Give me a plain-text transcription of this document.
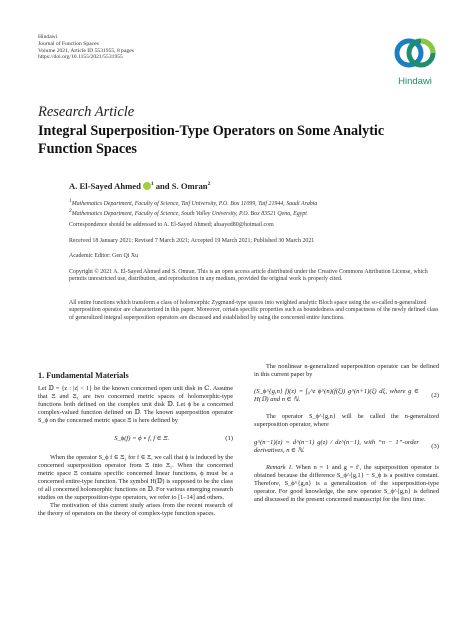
Hindawi
Journal of Function Spaces
Volume 2021, Article ID 5531955, 8 pages
https://doi.org/10.1155/2021/5531955
Hindawi
Research Article
Integral Superposition-Type Operators on Some Analytic Function Spaces
A. El-Sayed Ahmed $^1$ and S. Omran$^2$
1Mathematics Department, Faculty of Science, Taif University, P.O. Box 11099, Taif 21944, Saudi Arabia
2Mathematics Department, Faculty of Science, South Valley University, P.O. Box 83521 Qena, Egypt
Correspondence should be addressed to A. El-Sayed Ahmed; ahsayed80@hotmail.com
Received 18 January 2021; Revised 7 March 2021; Accepted 19 March 2021; Published 30 March 2021
Academic Editor: Gen Qi Xu
Copyright © 2021 A. El-Sayed Ahmed and S. Omran. This is an open access article distributed under the Creative Commons Attribution License, which permits unrestricted use, distribution, and reproduction in any medium, provided the original work is properly cited.
All entire functions which transform a class of holomorphic Zygmund-type spaces into weighted analytic Bloch space using the so-called n-generalized superposition operator are characterized in this paper. Moreover, certain specific properties such as boundedness and compactness of the newly defined class of generalized integral superposition operators are discussed and established by using the concerned entire functions.
1. Fundamental Materials

Let 𝔻 = {z : |z| < 1} be the known concerned open unit disk in ℂ. Assume that Ξ and Ξ₁ are two concerned metric spaces of holomorphic-type functions both defined on the complex unit disk 𝔻. Let ϕ be a concerned complex-valued function defined on 𝔻. The known superposition operator S_ϕ on the concerned metric space Ξ is here defined by

S_ϕ(f) = ϕ ∘ f, f ∈ Ξ.	(1)

When the operator S_ϕ f ∈ Ξ₁ for f ∈ Ξ, we call that ϕ is induced by the concerned superposition operator from Ξ into Ξ₁. When the concerned metric space Ξ contains specific concerned linear functions, ϕ must be a concerned entire-type function. The symbol H(𝔻) is supposed to be the class of all concerned holomorphic functions on 𝔻. For various emerging research studies on the superposition-type operators, we refer to [1–14] and others.

The motivation of this current study arises from the recent research of the theory of operators on the theory of complex-type function spaces.

The nonlinear n-generalized superposition operator can be defined in this current paper by

(S_ϕ^{g,n} f)(z) = ∫₀^z ϕ^(n)(f(ξ)) g^(n+1)(ξ) dξ, where g ∈ H(𝔻) and n ∈ ℕ.
(2)

The operator S_ϕ^{g,n} will be called the n-generalized superposition operator, where

g^(n−1)(z) = d^(n−1) g(z) / dz^(n−1), with “n − 1”-order derivatives, n ∈ ℕ.
(3)

Remark 1. When n = 1 and g = f′, the superposition operator is obtained because the difference S_ϕ^{g,1} − S_ϕ is a positive constant. Therefore, S_ϕ^{g,n} is a generalization of the superposition-type operator. For good knowledge, the new operator S_ϕ^{g,n} is defined and discussed in the present concerned manuscript for the first time.
